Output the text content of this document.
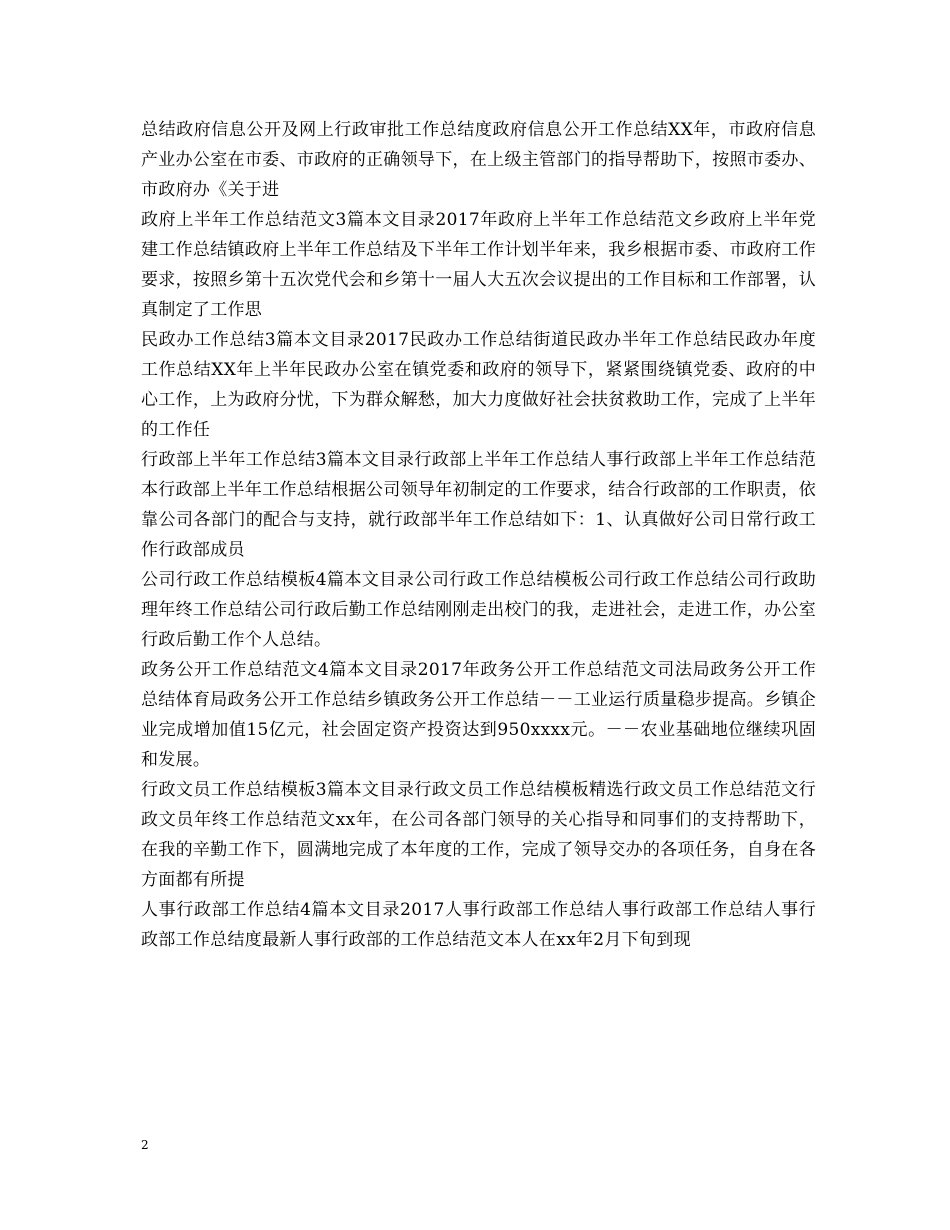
总结政府信息公开及网上行政审批工作总结度政府信息公开工作总结XX年，市政府信息产业办公室在市委、市政府的正确领导下，在上级主管部门的指导帮助下，按照市委办、市政府办《关于进

政府上半年工作总结范文3篇本文目录2017年政府上半年工作总结范文乡政府上半年党建工作总结镇政府上半年工作总结及下半年工作计划半年来，我乡根据市委、市政府工作要求，按照乡第十五次党代会和乡第十一届人大五次会议提出的工作目标和工作部署，认真制定了工作思

民政办工作总结3篇本文目录2017民政办工作总结街道民政办半年工作总结民政办年度工作总结XX年上半年民政办公室在镇党委和政府的领导下，紧紧围绕镇党委、政府的中心工作，上为政府分忧，下为群众解愁，加大力度做好社会扶贫救助工作，完成了上半年的工作任

行政部上半年工作总结3篇本文目录行政部上半年工作总结人事行政部上半年工作总结范本行政部上半年工作总结根据公司领导年初制定的工作要求，结合行政部的工作职责，依靠公司各部门的配合与支持，就行政部半年工作总结如下：1、认真做好公司日常行政工作行政部成员

公司行政工作总结模板4篇本文目录公司行政工作总结模板公司行政工作总结公司行政助理年终工作总结公司行政后勤工作总结刚刚走出校门的我，走进社会，走进工作，办公室行政后勤工作个人总结。

政务公开工作总结范文4篇本文目录2017年政务公开工作总结范文司法局政务公开工作总结体育局政务公开工作总结乡镇政务公开工作总结－－工业运行质量稳步提高。乡镇企业完成增加值15亿元，社会固定资产投资达到950xxxx元。－－农业基础地位继续巩固和发展。

行政文员工作总结模板3篇本文目录行政文员工作总结模板精选行政文员工作总结范文行政文员年终工作总结范文xx年，在公司各部门领导的关心指导和同事们的支持帮助下，在我的辛勤工作下，圆满地完成了本年度的工作，完成了领导交办的各项任务，自身在各方面都有所提

人事行政部工作总结4篇本文目录2017人事行政部工作总结人事行政部工作总结人事行政部工作总结度最新人事行政部的工作总结范文本人在xx年2月下旬到现

2
